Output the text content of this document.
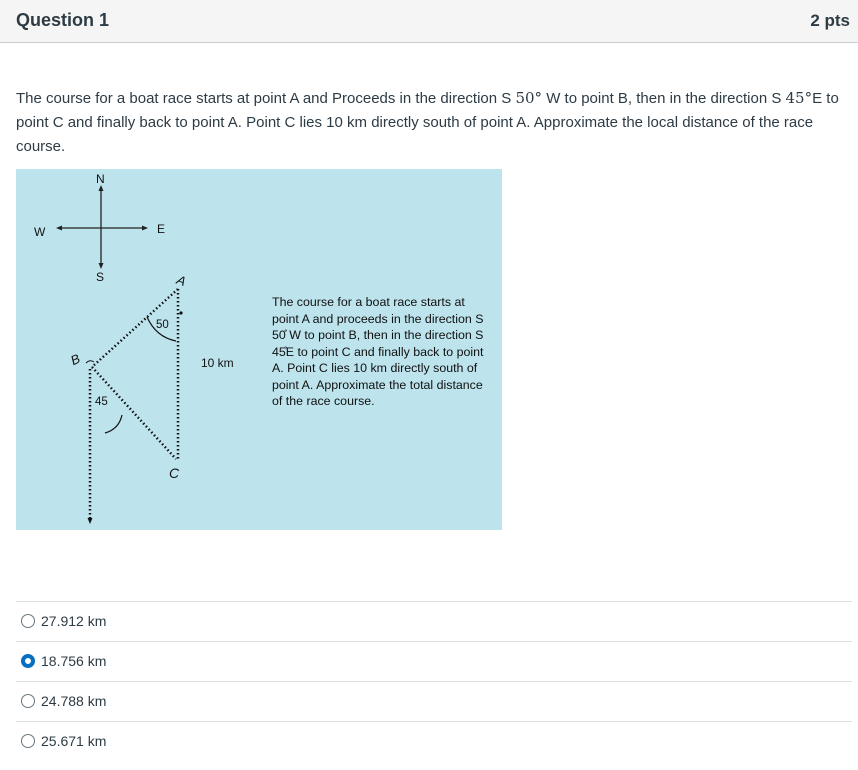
Question 1	2 pts
The course for a boat race starts at point A and Proceeds in the direction S 50° W to point B, then in the direction S 45°E to point C and finally back to point A. Point C lies 10 km directly south of point A. Approximate the local distance of the race course.
N
S
E
W
A
B
C
50
45
10 km
The course for a boat race starts at point A and proceeds in the direction S 50̊ W to point B, then in the direction S 45̊E to point C and finally back to point A. Point C lies 10 km directly south of point A. Approximate the total distance of the race course.
27.912 km
18.756 km
24.788 km
25.671 km
